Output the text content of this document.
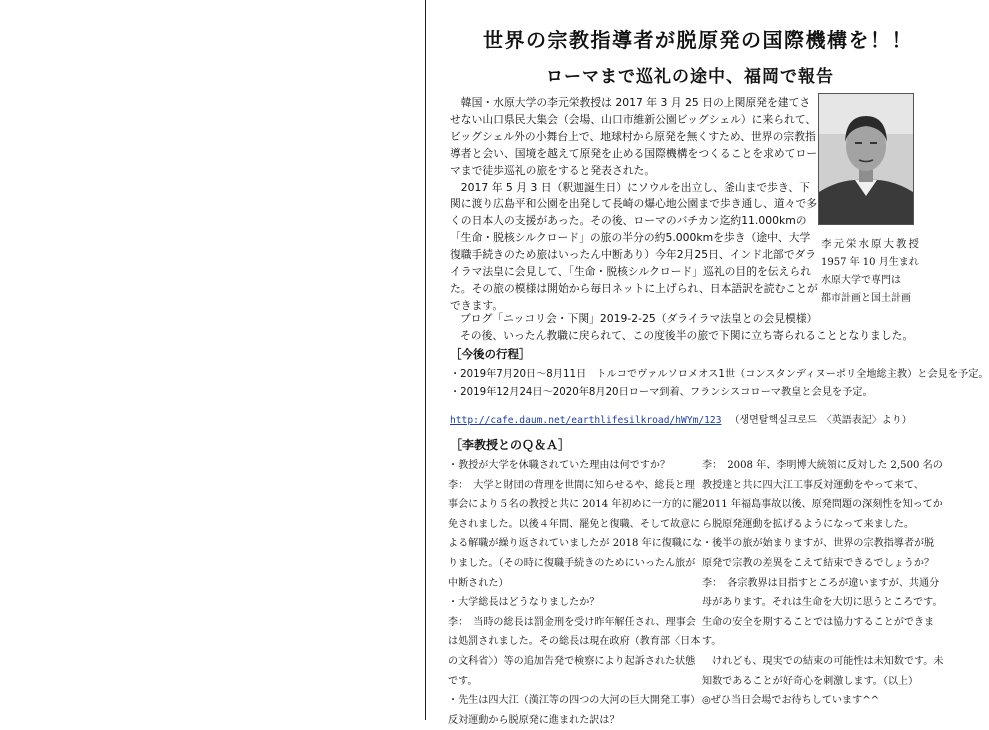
世界の宗教指導者が脱原発の国際機構を！！
ローマまで巡礼の途中、福岡で報告

韓国・水原大学の李元栄教授は 2017 年 3 月 25 日の上関原発を建てさせない山口県民大集会（会場、山口市維新公園ビッグシェル）に来られて、ビッグシェル外の小舞台上で、地球村から原発を無くすため、世界の宗教指導者と会い、国境を越えて原発を止める国際機構をつくることを求めてローマまで徒歩巡礼の旅をすると発表された。

2017 年 5 月 3 日（釈迦誕生日）にソウルを出立し、釜山まで歩き、下関に渡り広島平和公園を出発して長崎の爆心地公園まで歩き通し、道々で多くの日本人の支援があった。その後、ローマのバチカン迄約11.000kmの「生命・脱核シルクロード」の旅の半分の約5.000kmを歩き（途中、大学復職手続きのため旅はいったん中断あり）今年2月25日、インド北部でダライラマ法皇に会見して、「生命・脱核シルクロード」巡礼の目的を伝えられた。その旅の模様は開始から毎日ネットに上げられ、日本語訳を読むことができます。

李元栄水原大教授
1957 年 10 月生まれ
水原大学で専門は
都市計画と国土計画
ブログ「ニッコリ会・下関」2019-2-25（ダライラマ法皇との会見模様）
その後、いったん教職に戻られて、この度後半の旅で下関に立ち寄られることとなりました。
［今後の行程］
・2019年7月20日～8月11日　トルコでヴァルソロメオス1世（コンスタンディヌーポリ全地総主教）と会見を予定。
・2019年12月24日～2020年8月20日ローマ到着、フランシスコローマ教皇と会見を予定。
http://cafe.daum.net/earthlifesilkroad/hWYm/123 （생면탈핵실크로드　〈英語表記〉より）
［李教授とのＱ＆Ａ］

・教授が大学を休職されていた理由は何ですか？

李：　大学と財団の背理を世間に知らせるや、総長と理事会により５名の教授と共に 2014 年初めに一方的に罷免されました。以後４年間、罷免と復職、そして故意による解職が繰り返されていましたが 2018 年に復職になりました。（その時に復職手続きのためにいったん旅が中断された）

・大学総長はどうなりましたか？

李：　当時の総長は罰金刑を受け昨年解任され、理事会は処罰されました。その総長は現在政府（教育部〈日本の文科省〉）等の追加告発で検察により起訴された状態です。

・先生は四大江（漢江等の四つの大河の巨大開発工事）反対運動から脱原発に進まれた訳は？

李：　2008 年、李明博大統領に反対した 2,500 名の教授達と共に四大江工事反対運動をやって来て、2011 年福島事故以後、原発問題の深刻性を知ってから脱原発運動を拡げるようになって来ました。

・後半の旅が始まりますが、世界の宗教指導者が脱原発で宗教の差異をこえて結束できるでしょうか？

李：　各宗教界は目指すところが違いますが、共通分母があります。それは生命を大切に思うところです。生命の安全を期することでは協力することができます。

けれども、現実での結束の可能性は未知数です。未知数であることが好奇心を刺激します。（以上）

◎ぜひ当日会場でお待ちしています^^
